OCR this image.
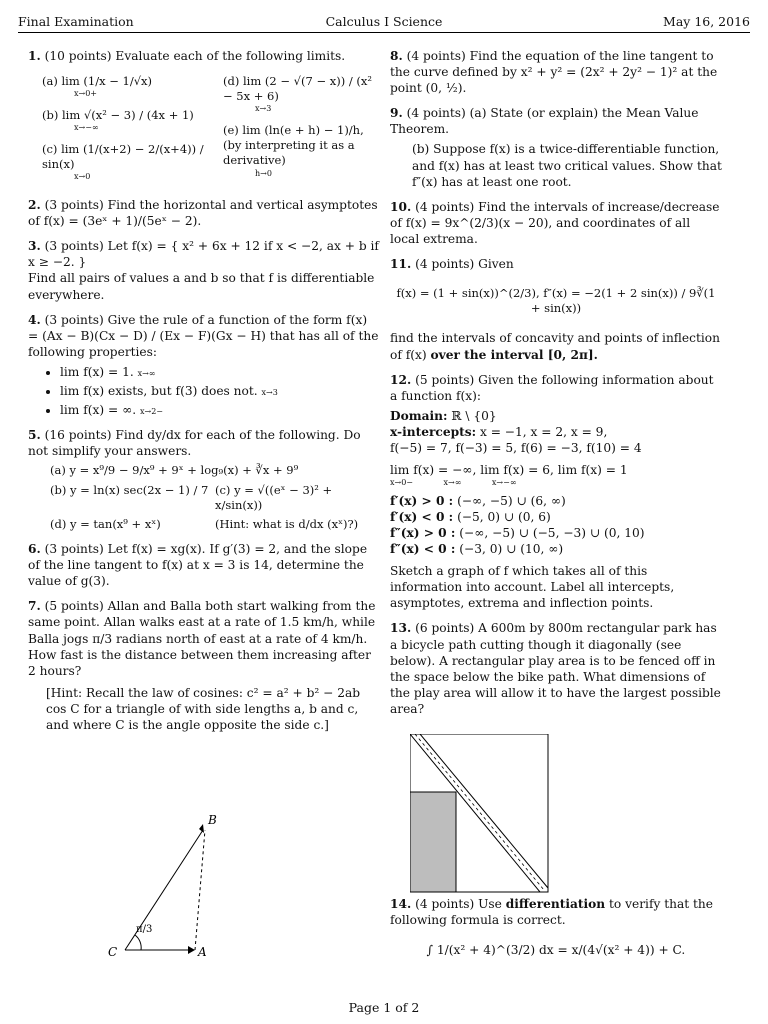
Final Examination	Calculus I Science	May 16, 2016
1. (10 points) Evaluate each of the following limits.
(a) lim (1/x − 1/√x)
x→0+
(b) lim √(x² − 3) / (4x + 1)
x→−∞
(c) lim (1/(x+2) − 2/(x+4)) / sin(x)
x→0
(d) lim (2 − √(7 − x)) / (x² − 5x + 6)
x→3
(e) lim (ln(e + h) − 1)/h, (by interpreting it as a derivative)
h→0
2. (3 points) Find the horizontal and vertical asymptotes of f(x) = (3eˣ + 1)/(5eˣ − 2).
3. (3 points) Let f(x) = { x² + 6x + 12 if x < −2, ax + b if x ≥ −2. }
Find all pairs of values a and b so that f is differentiable everywhere.
4. (3 points) Give the rule of a function of the form f(x) = (Ax − B)(Cx − D) / (Ex − F)(Gx − H) that has all of the following properties:
• lim f(x) = 1. x→∞
• lim f(x) exists, but f(3) does not. x→3
• lim f(x) = ∞. x→2−
5. (16 points) Find dy/dx for each of the following. Do not simplify your answers.
(a) y = x⁹/9 − 9/x⁹ + 9ˣ + log₉(x) + ∛x + 9⁹
(b) y = ln(x) sec(2x − 1) / 7 (c) y = √((eˣ − 3)² + x/sin(x))
(d) y = tan(x⁹ + xˣ)	(Hint: what is d/dx (xˣ)?)
6. (3 points) Let f(x) = xg(x). If g′(3) = 2, and the slope of the line tangent to f(x) at x = 3 is 14, determine the value of g(3).
7. (5 points) Allan and Balla both start walking from the same point. Allan walks east at a rate of 1.5 km/h, while Balla jogs π/3 radians north of east at a rate of 4 km/h. How fast is the distance between them increasing after 2 hours?
[Hint: Recall the law of cosines: c² = a² + b² − 2ab cos C for a triangle of with side lengths a, b and c, and where C is the angle opposite the side c.]
B
C	A
π/3
8. (4 points) Find the equation of the line tangent to the curve defined by x² + y² = (2x² + 2y² − 1)² at the point (0, ½).
9. (4 points) (a) State (or explain) the Mean Value Theorem.
(b) Suppose f(x) is a twice-differentiable function, and f(x) has at least two critical values. Show that f″(x) has at least one root.
10. (4 points) Find the intervals of increase/decrease of f(x) = 9x^(2/3)(x − 20), and coordinates of all local extrema.
11. (4 points) Given
f(x) = (1 + sin(x))^(2/3), f″(x) = −2(1 + 2 sin(x)) / 9∛(1 + sin(x))
find the intervals of concavity and points of inflection of f(x) over the interval [0, 2π].
12. (5 points) Given the following information about a function f(x):
Domain: ℝ \ {0}
x-intercepts: x = −1, x = 2, x = 9,
f(−5) = 7, f(−3) = 5, f(6) = −3, f(10) = 4
lim f(x) = −∞, lim f(x) = 6, lim f(x) = 1
x→0−            x→∞            x→−∞
f′(x) > 0 : (−∞, −5) ∪ (6, ∞)
f′(x) < 0 : (−5, 0) ∪ (0, 6)
f″(x) > 0 : (−∞, −5) ∪ (−5, −3) ∪ (0, 10)
f″(x) < 0 : (−3, 0) ∪ (10, ∞)
Sketch a graph of f which takes all of this information into account. Label all intercepts, asymptotes, extrema and inflection points.
13. (6 points) A 600m by 800m rectangular park has a bicycle path cutting though it diagonally (see below). A rectangular play area is to be fenced off in the space below the bike path. What dimensions of the play area will allow it to have the largest possible area?
14. (4 points) Use differentiation to verify that the following formula is correct.
∫ 1/(x² + 4)^(3/2) dx = x/(4√(x² + 4)) + C.
Page 1 of 2
